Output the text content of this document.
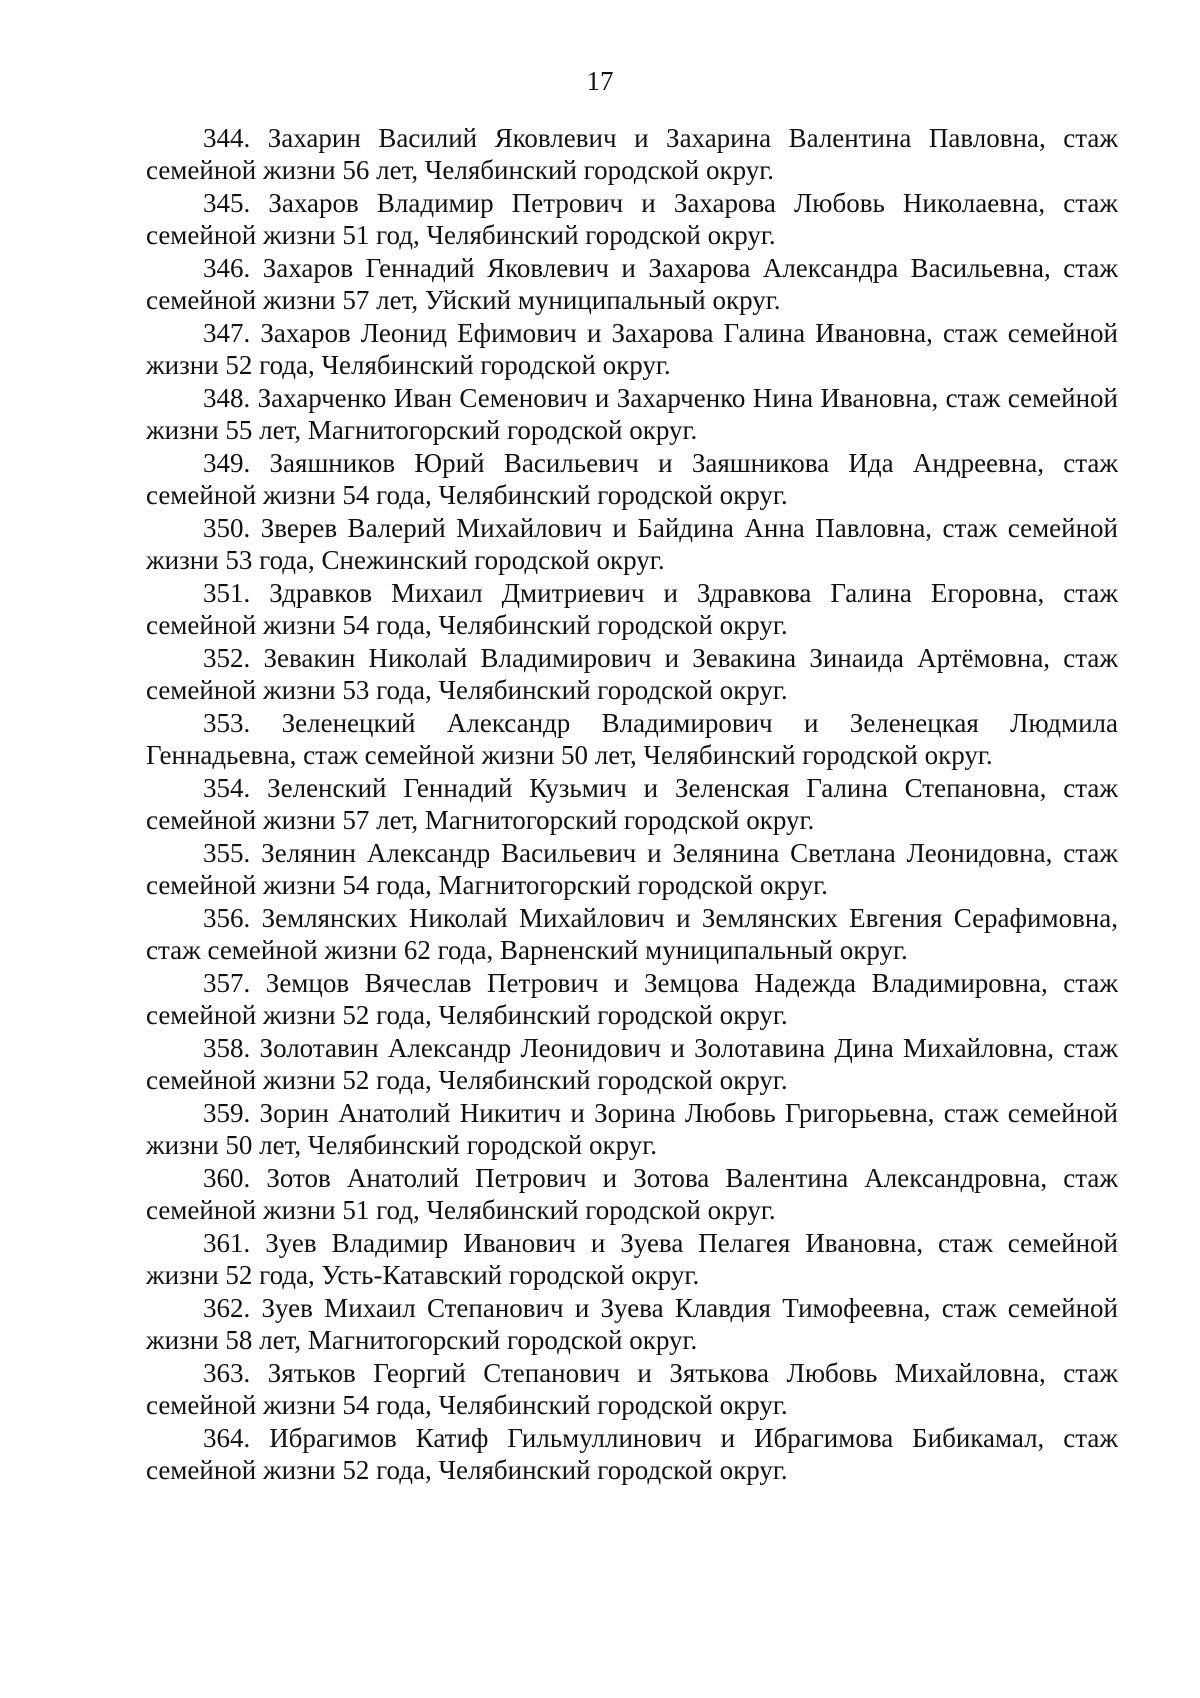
17

344. Захарин Василий Яковлевич и Захарина Валентина Павловна, стаж семейной жизни 56 лет, Челябинский городской округ.

345. Захаров Владимир Петрович и Захарова Любовь Николаевна, стаж семейной жизни 51 год, Челябинский городской округ.

346. Захаров Геннадий Яковлевич и Захарова Александра Васильевна, стаж семейной жизни 57 лет, Уйский муниципальный округ.

347. Захаров Леонид Ефимович и Захарова Галина Ивановна, стаж семейной жизни 52 года, Челябинский городской округ.

348. Захарченко Иван Семенович и Захарченко Нина Ивановна, стаж семейной жизни 55 лет, Магнитогорский городской округ.

349. Заяшников Юрий Васильевич и Заяшникова Ида Андреевна, стаж семейной жизни 54 года, Челябинский городской округ.

350. Зверев Валерий Михайлович и Байдина Анна Павловна, стаж семейной жизни 53 года, Снежинский городской округ.

351. Здравков Михаил Дмитриевич и Здравкова Галина Егоровна, стаж семейной жизни 54 года, Челябинский городской округ.

352. Зевакин Николай Владимирович и Зевакина Зинаида Артёмовна, стаж семейной жизни 53 года, Челябинский городской округ.

353. Зеленецкий Александр Владимирович и Зеленецкая Людмила Геннадьевна, стаж семейной жизни 50 лет, Челябинский городской округ.

354. Зеленский Геннадий Кузьмич и Зеленская Галина Степановна, стаж семейной жизни 57 лет, Магнитогорский городской округ.

355. Зелянин Александр Васильевич и Зелянина Светлана Леонидовна, стаж семейной жизни 54 года, Магнитогорский городской округ.

356. Землянских Николай Михайлович и Землянских Евгения Серафимовна, стаж семейной жизни 62 года, Варненский муниципальный округ.

357. Земцов Вячеслав Петрович и Земцова Надежда Владимировна, стаж семейной жизни 52 года, Челябинский городской округ.

358. Золотавин Александр Леонидович и Золотавина Дина Михайловна, стаж семейной жизни 52 года, Челябинский городской округ.

359. Зорин Анатолий Никитич и Зорина Любовь Григорьевна, стаж семейной жизни 50 лет, Челябинский городской округ.

360. Зотов Анатолий Петрович и Зотова Валентина Александровна, стаж семейной жизни 51 год, Челябинский городской округ.

361. Зуев Владимир Иванович и Зуева Пелагея Ивановна, стаж семейной жизни 52 года, Усть-Катавский городской округ.

362. Зуев Михаил Степанович и Зуева Клавдия Тимофеевна, стаж семейной жизни 58 лет, Магнитогорский городской округ.

363. Зятьков Георгий Степанович и Зятькова Любовь Михайловна, стаж семейной жизни 54 года, Челябинский городской округ.

364. Ибрагимов Катиф Гильмуллинович и Ибрагимова Бибикамал, стаж семейной жизни 52 года, Челябинский городской округ.
